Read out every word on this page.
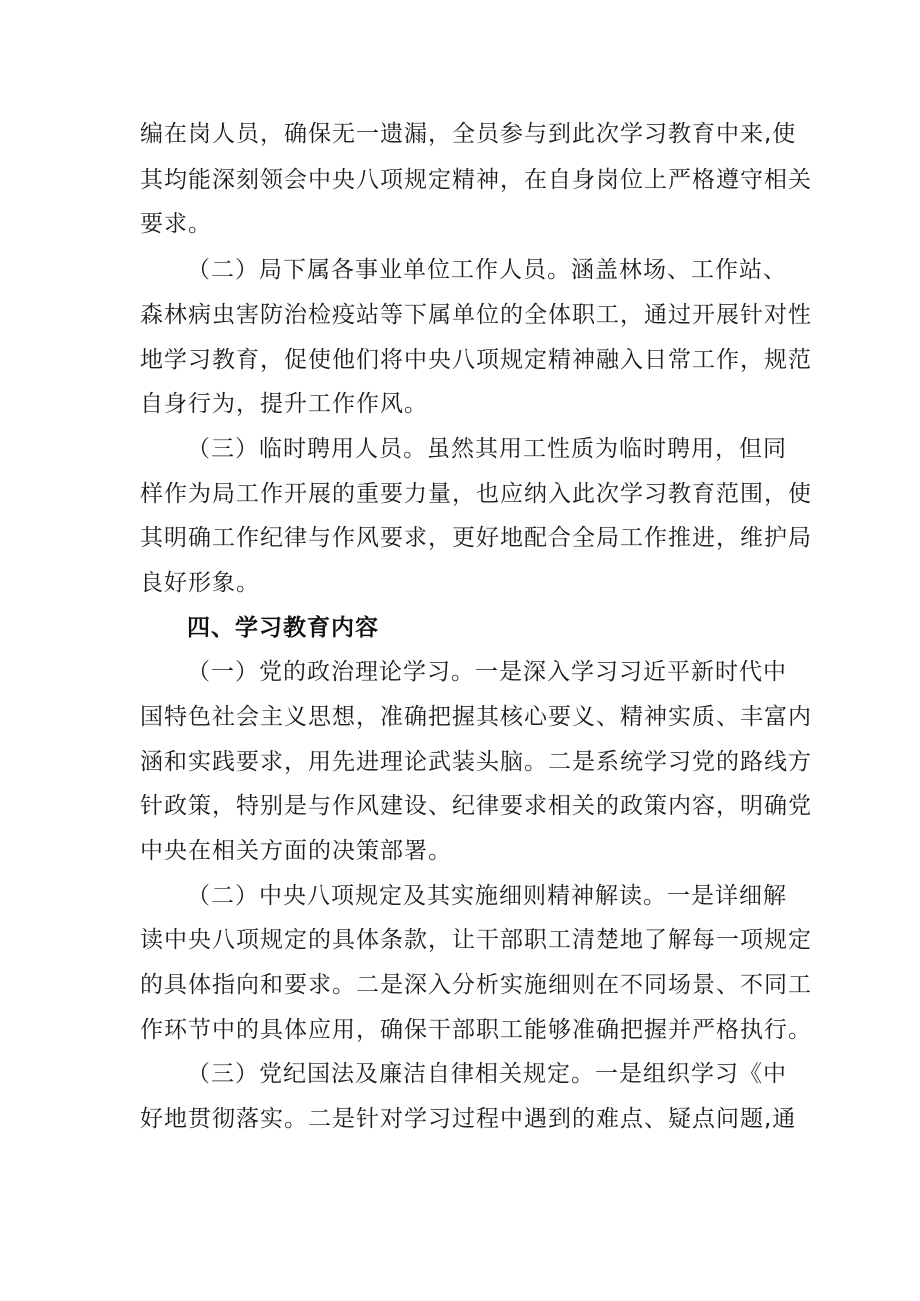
编在岗人员，确保无一遗漏，全员参与到此次学习教育中来,使
其均能深刻领会中央八项规定精神，在自身岗位上严格遵守相关
要求。
（二）局下属各事业单位工作人员。涵盖林场、工作站、
森林病虫害防治检疫站等下属单位的全体职工，通过开展针对性
地学习教育，促使他们将中央八项规定精神融入日常工作，规范
自身行为，提升工作作风。
（三）临时聘用人员。虽然其用工性质为临时聘用，但同
样作为局工作开展的重要力量，也应纳入此次学习教育范围，使
其明确工作纪律与作风要求，更好地配合全局工作推进，维护局
良好形象。
四、学习教育内容
（一）党的政治理论学习。一是深入学习习近平新时代中
国特色社会主义思想，准确把握其核心要义、精神实质、丰富内
涵和实践要求，用先进理论武装头脑。二是系统学习党的路线方
针政策，特别是与作风建设、纪律要求相关的政策内容，明确党
中央在相关方面的决策部署。
（二）中央八项规定及其实施细则精神解读。一是详细解
读中央八项规定的具体条款，让干部职工清楚地了解每一项规定
的具体指向和要求。二是深入分析实施细则在不同场景、不同工
作环节中的具体应用，确保干部职工能够准确把握并严格执行。
（三）党纪国法及廉洁自律相关规定。一是组织学习《中
好地贯彻落实。二是针对学习过程中遇到的难点、疑点问题,通
